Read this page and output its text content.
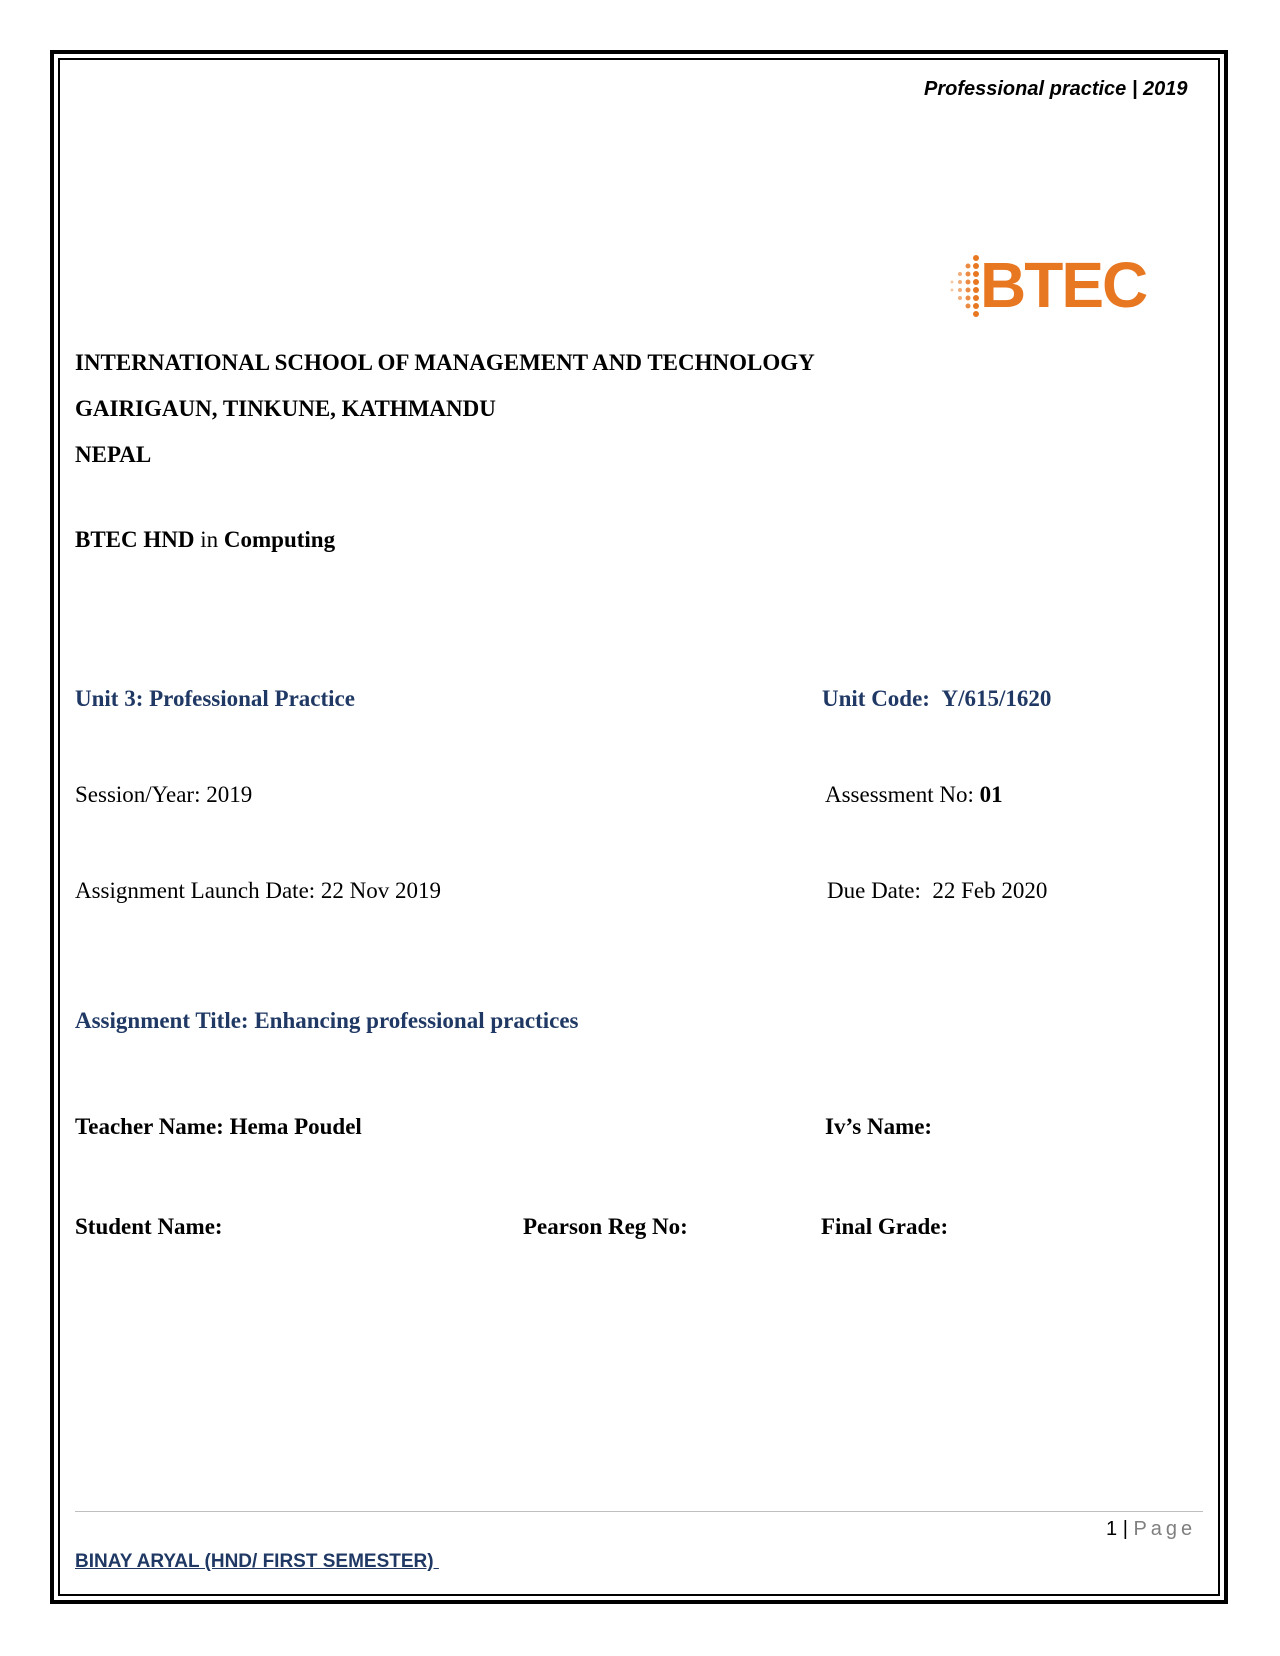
Professional practice | 2019
BTEC
INTERNATIONAL SCHOOL OF MANAGEMENT AND TECHNOLOGY
GAIRIGAUN, TINKUNE, KATHMANDU
NEPAL
BTEC HND in Computing
Unit 3: Professional Practice	Unit Code: Y/615/1620
Session/Year: 2019	Assessment No: 01
Assignment Launch Date: 22 Nov 2019	Due Date:  22 Feb 2020
Assignment Title: Enhancing professional practices
Teacher Name: Hema Poudel	Iv’s Name:
Student Name:	Pearson Reg No:	Final Grade:
1 | Page
BINAY ARYAL (HND/ FIRST SEMESTER)
